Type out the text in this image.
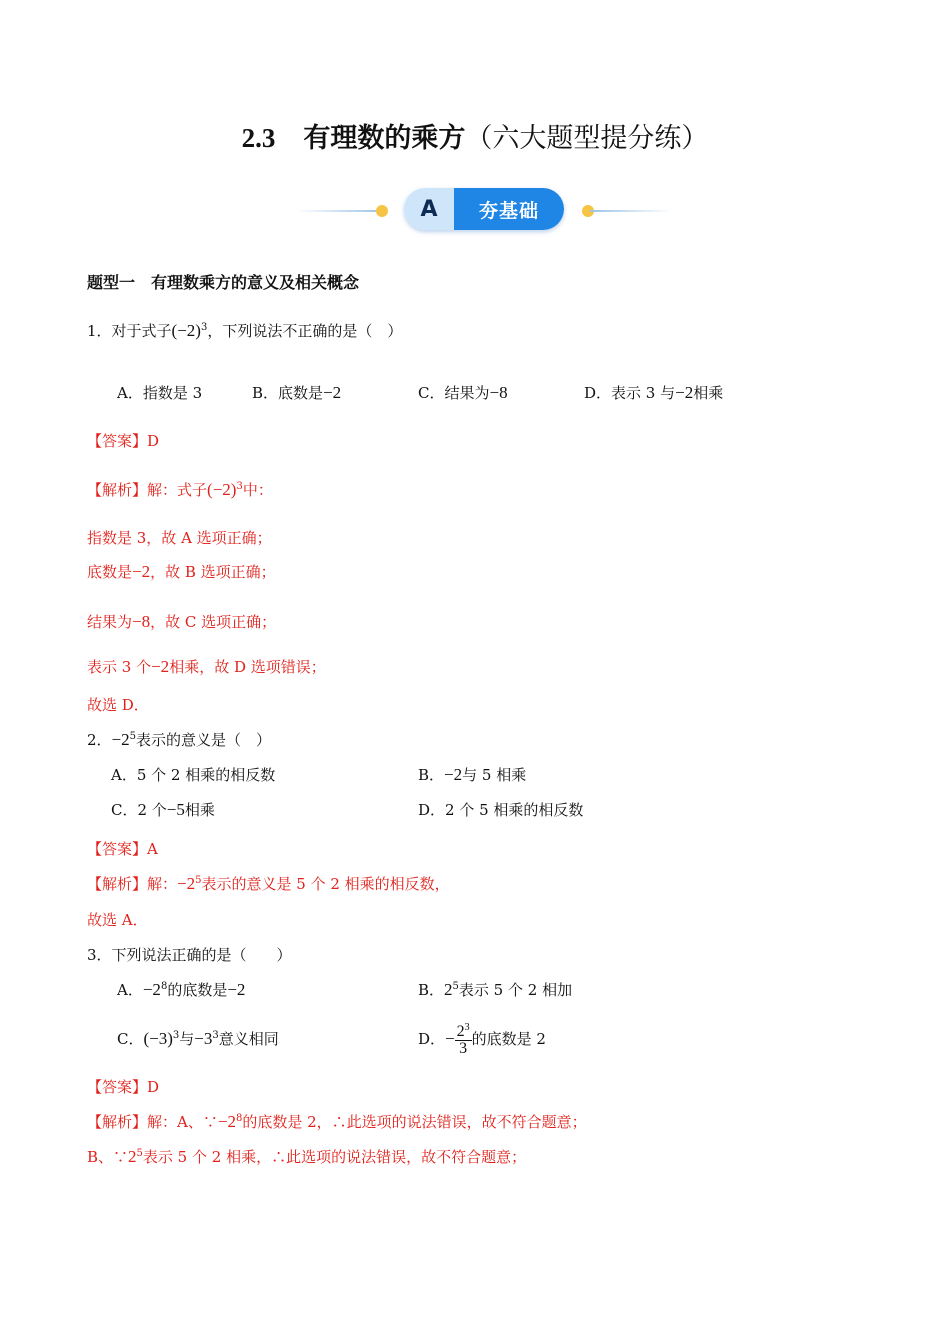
2.3 有理数的乘方（六大题型提分练）
A	夯基础
题型一　有理数乘方的意义及相关概念
1．对于式子$(-2)^3$，下列说法不正确的是（　）
A．指数是 3	B．底数是−2	C．结果为−8	D．表示 3 与−2相乘
【答案】D
【解析】解：式子$(-2)^3$中：
指数是 3，故 A 选项正确；
底数是−2，故 B 选项正确；
结果为−8，故 C 选项正确；
表示 3 个−2相乘，故 D 选项错误；
故选 D．
2．$-2^5$表示的意义是（　）
A．5 个 2 相乘的相反数	B．−2与 5 相乘
C．2 个−5相乘	D．2 个 5 相乘的相反数
【答案】A
【解析】解：$-2^5$表示的意义是 5 个 2 相乘的相反数，
故选 A．
3．下列说法正确的是（　　）
A．$-2^8$的底数是−2	B．$2^5$表示 5 个 2 相加
C．$(-3)^3$与$-3^3$意义相同	D．− $\frac{2^3}{3}$ 的底数是 2
【答案】D
【解析】解：A、$\because-2^8$的底数是 2，∴此选项的说法错误，故不符合题意；
B、$\because 2^5$表示 5 个 2 相乘，∴此选项的说法错误，故不符合题意；
